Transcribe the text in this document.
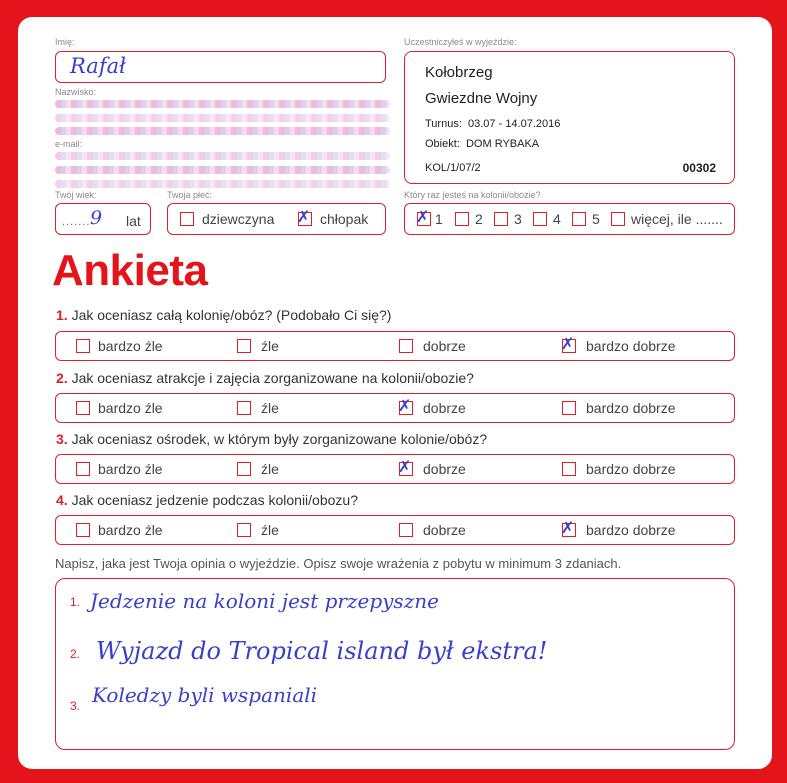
Imię:
Rafał
Nazwisko:
e-mail:
Uczestniczyłeś w wyjeździe:
Kołobrzeg
Gwiezdne Wojny
Turnus: 03.07 - 14.07.2016
Obiekt: DOM RYBAKA
KOL/1/07/2	00302
Twój wiek:
....... 9 lat
Twoja płeć:
dziewczyna ✗ chłopak
Który raz jesteś na kolonii/obozie?
✗ 1 2 3 4 5 więcej, ile .......
Ankieta
1. Jak oceniasz całą kolonię/obóz? (Podobało Ci się?)
bardzo źle	źle	dobrze	✗ bardzo dobrze
2. Jak oceniasz atrakcje i zajęcia zorganizowane na kolonii/obozie?
bardzo źle	źle	✗ dobrze	bardzo dobrze
3. Jak oceniasz ośrodek, w którym były zorganizowane kolonie/obóz?
bardzo źle	źle	✗ dobrze	bardzo dobrze
4. Jak oceniasz jedzenie podczas kolonii/obozu?
bardzo źle	źle	dobrze	✗ bardzo dobrze
Napisz, jaka jest Twoja opinia o wyjeździe. Opisz swoje wrażenia z pobytu w minimum 3 zdaniach.
1. Jedzenie na koloni jest przepyszne
2. Wyjazd do Tropical island był ekstra!
3. Koledzy byli wspaniali
